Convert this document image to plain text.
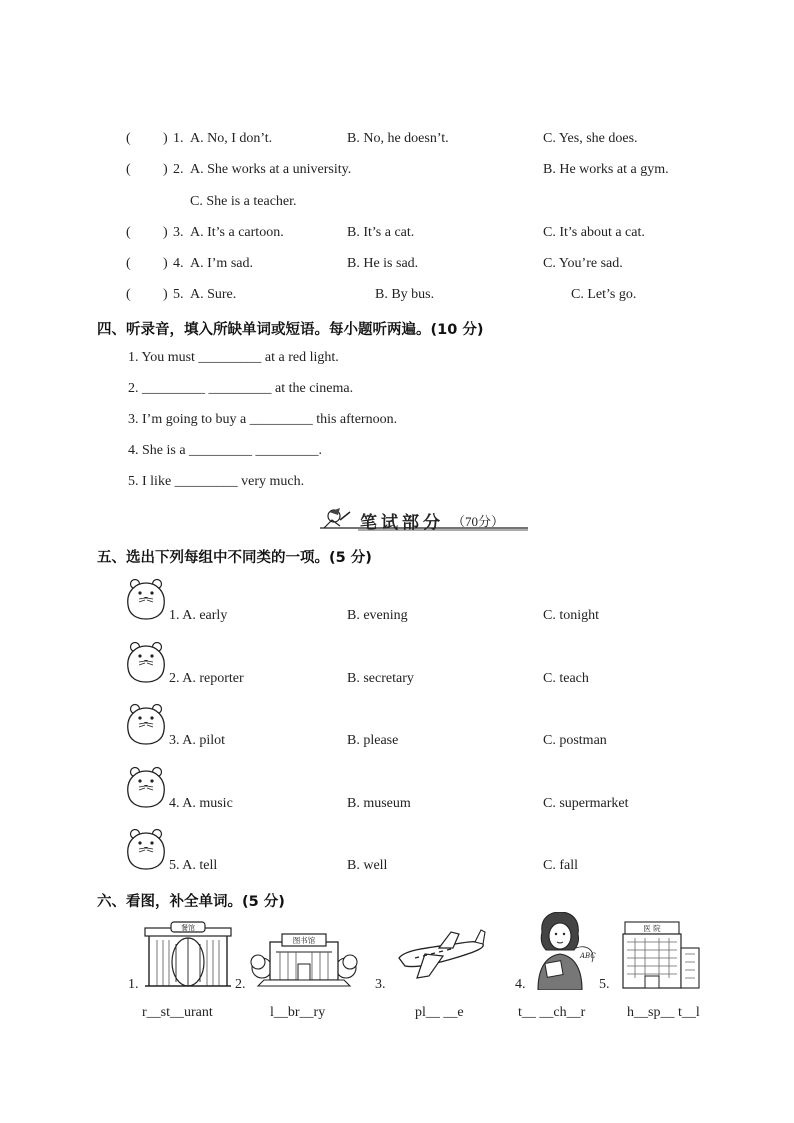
( ) 1. A. No, I don’t.	B. No, he doesn’t.	C. Yes, she does.
( ) 2. A. She works at a university.	B. He works at a gym.
C. She is a teacher.
( ) 3. A. It’s a cartoon.	B. It’s a cat.	C. It’s about a cat.
( ) 4. A. I’m sad.	B. He is sad.	C. You’re sad.
( ) 5. A. Sure.	B. By bus.	C. Let’s go.
四、听录音，填入所缺单词或短语。每小题听两遍。(10 分)
1. You must _________ at a red light.
2. _________ _________ at the cinema.
3. I’m going to buy a _________ this afternoon.
4. She is a _________ _________.
5. I like _________ very much.
笔试部分 （70分）
五、选出下列每组中不同类的一项。(5 分)
1. A. early	B. evening	C. tonight
2. A. reporter	B. secretary	C. teach
3. A. pilot	B. please	C. postman
4. A. music	B. museum	C. supermarket
5. A. tell	B. well	C. fall
六、看图，补全单词。(5 分)
餐馆
1.
r__st__urant
图书馆
2.
l__br__ry
3.
pl__ __e
ABC
4.
t__ __ch__r
医 院
5.
h__sp__ t__l
